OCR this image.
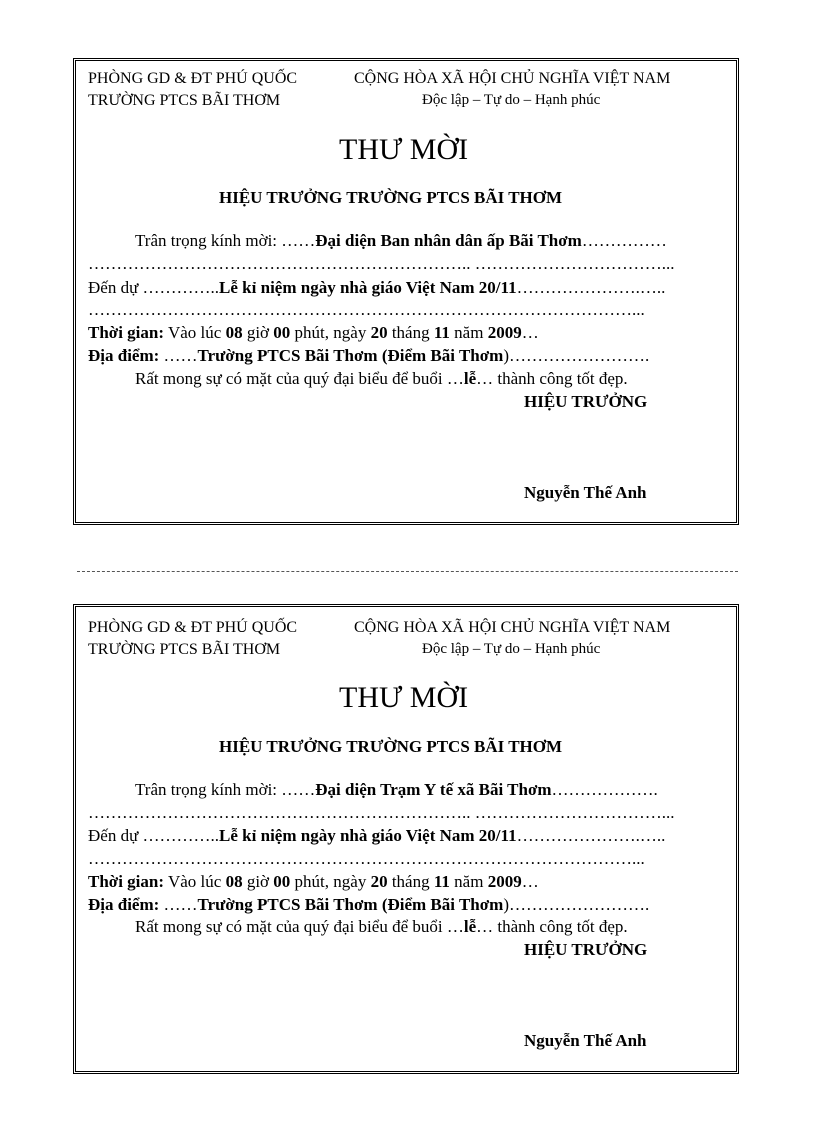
PHÒNG GD & ĐT PHÚ QUỐC
TRƯỜNG PTCS BÃI THƠM
CỘNG HÒA XÃ HỘI CHỦ NGHĨA VIỆT NAM
Độc lập – Tự do – Hạnh phúc
THƯ MỜI
HIỆU TRƯỞNG TRƯỜNG PTCS BÃI THƠM
Trân trọng kính mời: ……Đại diện Ban nhân dân ấp Bãi Thơm……………
………………………………………………………….. ……………………………...
Đến dự …………..Lễ kỉ niệm ngày nhà giáo Việt Nam 20/11………………….…..
……………………………………………………………………………………...
Thời gian: Vào lúc 08 giờ 00 phút, ngày 20 tháng 11 năm 2009…
Địa điểm: ……Trường PTCS Bãi Thơm (Điểm Bãi Thơm)…………………….
Rất mong sự có mặt của quý đại biểu để buổi …lễ… thành công tốt đẹp.
HIỆU TRƯỞNG
Nguyễn Thế Anh
PHÒNG GD & ĐT PHÚ QUỐC
TRƯỜNG PTCS BÃI THƠM
CỘNG HÒA XÃ HỘI CHỦ NGHĨA VIỆT NAM
Độc lập – Tự do – Hạnh phúc
THƯ MỜI
HIỆU TRƯỞNG TRƯỜNG PTCS BÃI THƠM
Trân trọng kính mời: ……Đại diện Trạm Y tế xã Bãi Thơm……………….
………………………………………………………….. ……………………………...
Đến dự …………..Lễ kỉ niệm ngày nhà giáo Việt Nam 20/11………………….…..
……………………………………………………………………………………...
Thời gian: Vào lúc 08 giờ 00 phút, ngày 20 tháng 11 năm 2009…
Địa điểm: ……Trường PTCS Bãi Thơm (Điểm Bãi Thơm)…………………….
Rất mong sự có mặt của quý đại biểu để buổi …lễ… thành công tốt đẹp.
HIỆU TRƯỞNG
Nguyễn Thế Anh
